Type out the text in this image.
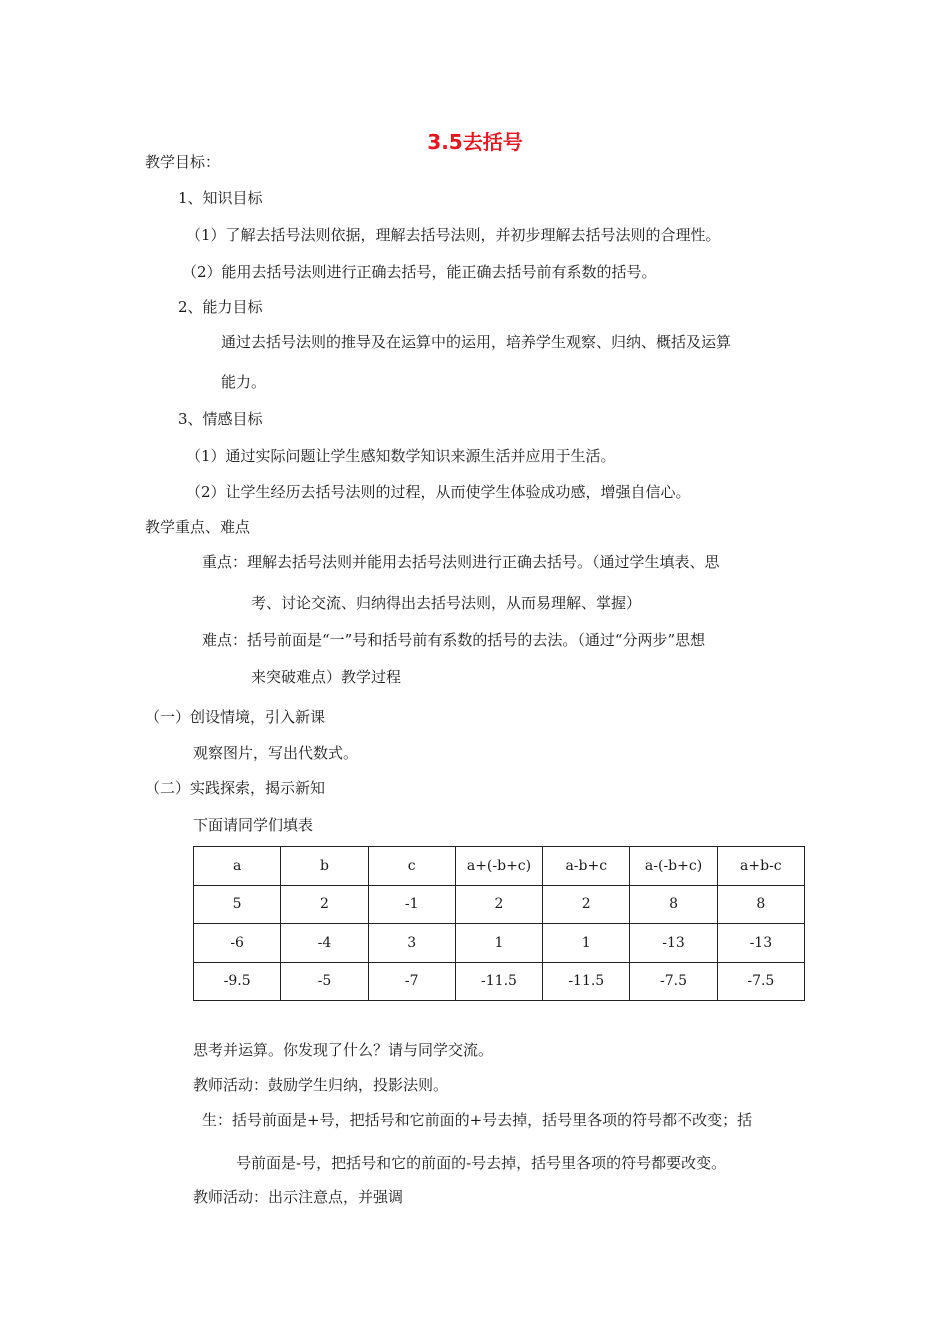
3.5去括号
教学目标：
1、知识目标
（1）了解去括号法则依据，理解去括号法则，并初步理解去括号法则的合理性。
（2）能用去括号法则进行正确去括号，能正确去括号前有系数的括号。
2、能力目标
通过去括号法则的推导及在运算中的运用，培养学生观察、归纳、概括及运算
能力。
3、情感目标
（1）通过实际问题让学生感知数学知识来源生活并应用于生活。
（2）让学生经历去括号法则的过程，从而使学生体验成功感，增强自信心。
教学重点、难点
重点：理解去括号法则并能用去括号法则进行正确去括号。（通过学生填表、思
考、讨论交流、归纳得出去括号法则，从而易理解、掌握）
难点：括号前面是“一”号和括号前有系数的括号的去法。（通过“分两步”思想
来突破难点）教学过程
（一）创设情境，引入新课
观察图片，写出代数式。
（二）实践探索，揭示新知
下面请同学们填表
a	b	c	a+(-b+c)	a-b+c	a-(-b+c)	a+b-c
5	2	-1	2	2	8	8
-6	-4	3	1	1	-13	-13
-9.5	-5	-7	-11.5	-11.5	-7.5	-7.5
思考并运算。你发现了什么？请与同学交流。
教师活动：鼓励学生归纳，投影法则。
生：括号前面是+号，把括号和它前面的+号去掉，括号里各项的符号都不改变；括
号前面是-号，把括号和它的前面的-号去掉，括号里各项的符号都要改变。
教师活动：出示注意点，并强调
